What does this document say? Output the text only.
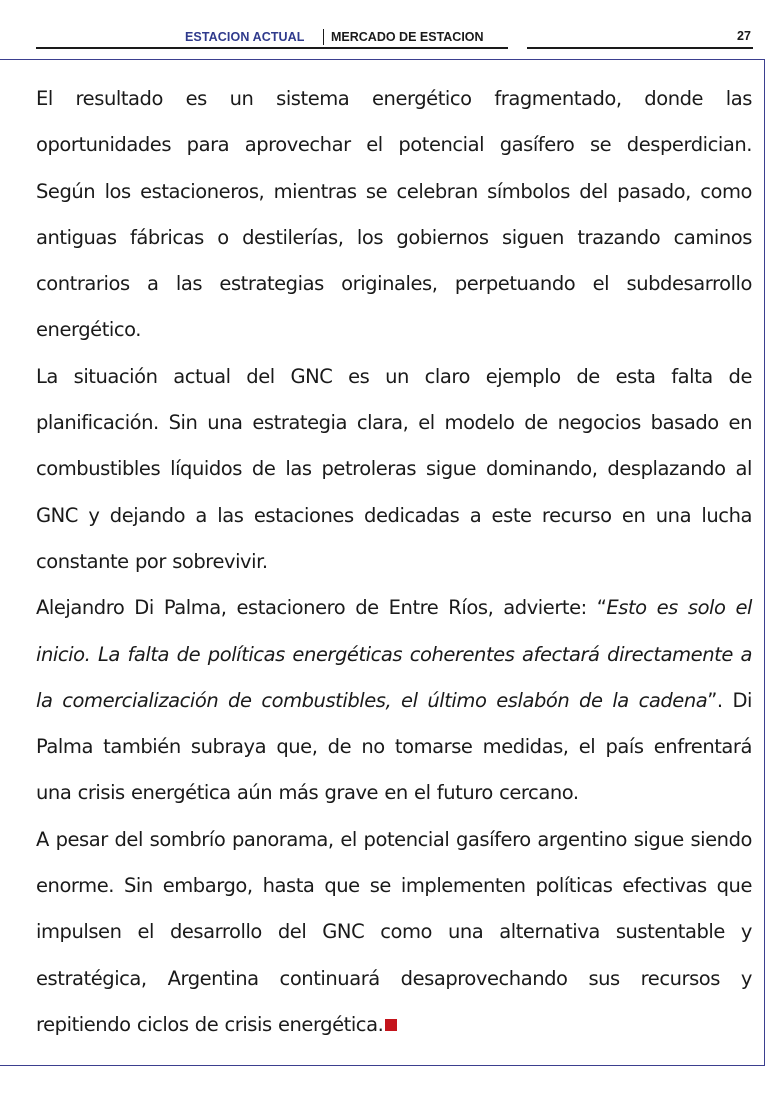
ESTACION ACTUAL MERCADO DE ESTACION	27

El resultado es un sistema energético fragmentado, donde las oportunidades para aprovechar el potencial gasífero se desperdician. Según los estacioneros, mientras se celebran símbolos del pasado, como antiguas fábricas o destilerías, los gobiernos siguen trazando caminos contrarios a las estrategias originales, perpetuando el subdesarrollo energético.

La situación actual del GNC es un claro ejemplo de esta falta de planificación. Sin una estrategia clara, el modelo de negocios basado en combustibles líquidos de las petroleras sigue dominando, desplazando al GNC y dejando a las estaciones dedicadas a este recurso en una lucha constante por sobrevivir.

Alejandro Di Palma, estacionero de Entre Ríos, advierte: “Esto es solo el inicio. La falta de políticas energéticas coherentes afectará directamente a la comercialización de combustibles, el último eslabón de la cadena”. Di Palma también subraya que, de no tomarse medidas, el país enfrentará una crisis energética aún más grave en el futuro cercano.

A pesar del sombrío panorama, el potencial gasífero argentino sigue siendo enorme. Sin embargo, hasta que se implementen políticas efectivas que impulsen el desarrollo del GNC como una alternativa sustentable y estratégica, Argentina continuará desaprovechando sus recursos y repitiendo ciclos de crisis energética.
